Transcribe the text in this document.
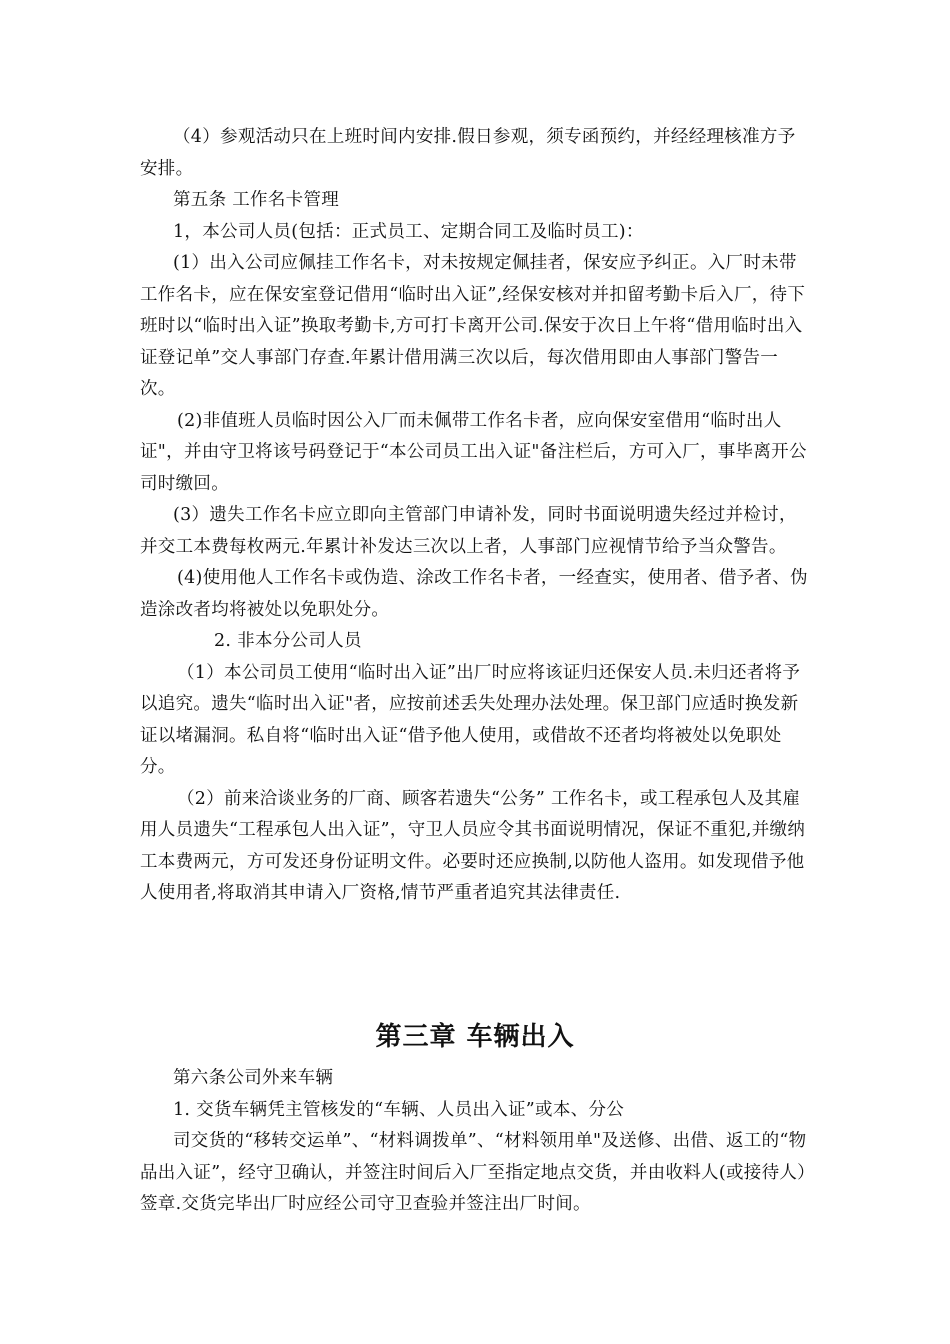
（4）参观活动只在上班时间内安排.假日参观，须专函预约，并经经理核准方予安排。

第五条 工作名卡管理

1，本公司人员(包括：正式员工、定期合同工及临时员工)：

(1）出入公司应佩挂工作名卡，对未按规定佩挂者，保安应予纠正。入厂时未带工作名卡，应在保安室登记借用“临时出入证”,经保安核对并扣留考勤卡后入厂，待下班时以“临时出入证”换取考勤卡,方可打卡离开公司.保安于次日上午将“借用临时出入证登记单”交人事部门存查.年累计借用满三次以后，每次借用即由人事部门警告一次。

(2)非值班人员临时因公入厂而未佩带工作名卡者，应向保安室借用“临时出人证"，并由守卫将该号码登记于“本公司员工出入证"备注栏后，方可入厂，事毕离开公司时缴回。

(3）遗失工作名卡应立即向主管部门申请补发，同时书面说明遗失经过并检讨，并交工本费每枚两元.年累计补发达三次以上者，人事部门应视情节给予当众警告。

(4)使用他人工作名卡或伪造、涂改工作名卡者，一经查实，使用者、借予者、伪造涂改者均将被处以免职处分。

2. 非本分公司人员

（1）本公司员工使用“临时出入证”出厂时应将该证归还保安人员.未归还者将予以追究。遗失“临时出入证"者，应按前述丢失处理办法处理。保卫部门应适时换发新证以堵漏洞。私自将“临时出入证“借予他人使用，或借故不还者均将被处以免职处分。

（2）前来洽谈业务的厂商、顾客若遗失“公务” 工作名卡，或工程承包人及其雇用人员遗失“工程承包人出入证”，守卫人员应令其书面说明情况，保证不重犯,并缴纳工本费两元，方可发还身份证明文件。必要时还应换制,以防他人盗用。如发现借予他人使用者,将取消其申请入厂资格,情节严重者追究其法律责任.

第三章 车辆出入

第六条公司外来车辆

1. 交货车辆凭主管核发的“车辆、人员出入证”或本、分公

司交货的“移转交运单”、“材料调拨单”、“材料领用单"及送修、出借、返工的“物品出入证”，经守卫确认，并签注时间后入厂至指定地点交货，并由收料人(或接待人）签章.交货完毕出厂时应经公司守卫查验并签注出厂时间。
